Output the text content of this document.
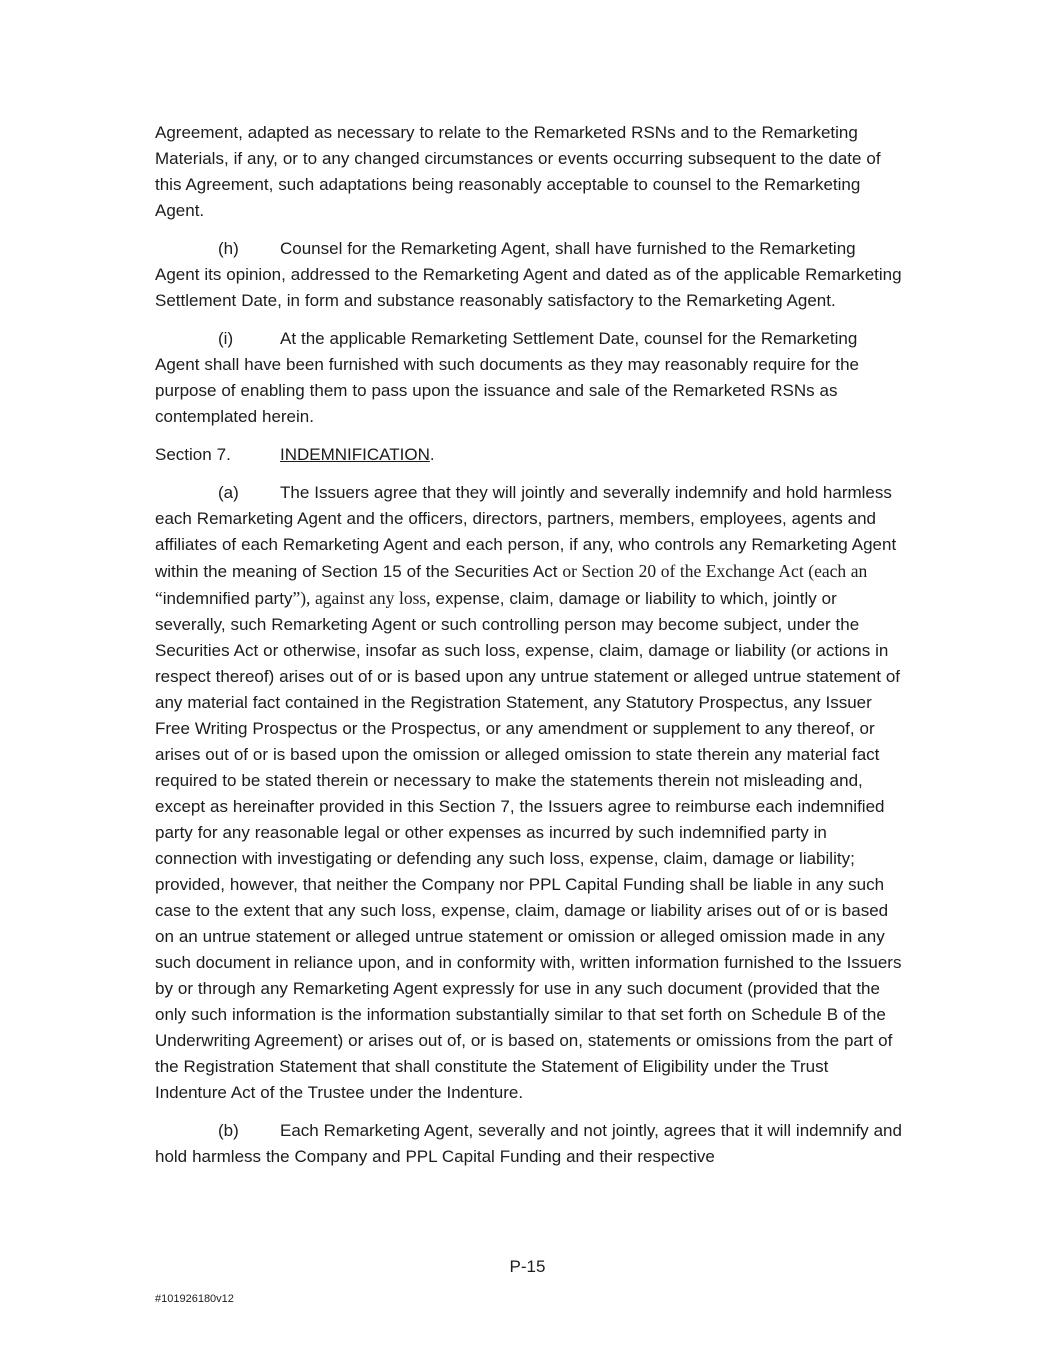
Agreement, adapted as necessary to relate to the Remarketed RSNs and to the Remarketing Materials, if any, or to any changed circumstances or events occurring subsequent to the date of this Agreement, such adaptations being reasonably acceptable to counsel to the Remarketing Agent.

(h) Counsel for the Remarketing Agent, shall have furnished to the Remarketing Agent its opinion, addressed to the Remarketing Agent and dated as of the applicable Remarketing Settlement Date, in form and substance reasonably satisfactory to the Remarketing Agent.

(i)	At the applicable Remarketing Settlement Date, counsel for the Remarketing Agent shall have been furnished with such documents as they may reasonably require for the purpose of enabling them to pass upon the issuance and sale of the Remarketed RSNs as contemplated herein.

Section 7.	INDEMNIFICATION.

(a) The Issuers agree that they will jointly and severally indemnify and hold harmless each Remarketing Agent and the officers, directors, partners, members, employees, agents and affiliates of each Remarketing Agent and each person, if any, who controls any Remarketing Agent within the meaning of Section 15 of the Securities Act or Section 20 of the Exchange Act (each an “indemnified party”), against any loss, expense, claim, damage or liability to which, jointly or severally, such Remarketing Agent or such controlling person may become subject, under the Securities Act or otherwise, insofar as such loss, expense, claim, damage or liability (or actions in respect thereof) arises out of or is based upon any untrue statement or alleged untrue statement of any material fact contained in the Registration Statement, any Statutory Prospectus, any Issuer Free Writing Prospectus or the Prospectus, or any amendment or supplement to any thereof, or arises out of or is based upon the omission or alleged omission to state therein any material fact required to be stated therein or necessary to make the statements therein not misleading and, except as hereinafter provided in this Section 7, the Issuers agree to reimburse each indemnified party for any reasonable legal or other expenses as incurred by such indemnified party in connection with investigating or defending any such loss, expense, claim, damage or liability; provided, however, that neither the Company nor PPL Capital Funding shall be liable in any such case to the extent that any such loss, expense, claim, damage or liability arises out of or is based on an untrue statement or alleged untrue statement or omission or alleged omission made in any such document in reliance upon, and in conformity with, written information furnished to the Issuers by or through any Remarketing Agent expressly for use in any such document (provided that the only such information is the information substantially similar to that set forth on Schedule B of the Underwriting Agreement) or arises out of, or is based on, statements or omissions from the part of the Registration Statement that shall constitute the Statement of Eligibility under the Trust Indenture Act of the Trustee under the Indenture.

(b) Each Remarketing Agent, severally and not jointly, agrees that it will indemnify and hold harmless the Company and PPL Capital Funding and their respective

P-15
#101926180v12
